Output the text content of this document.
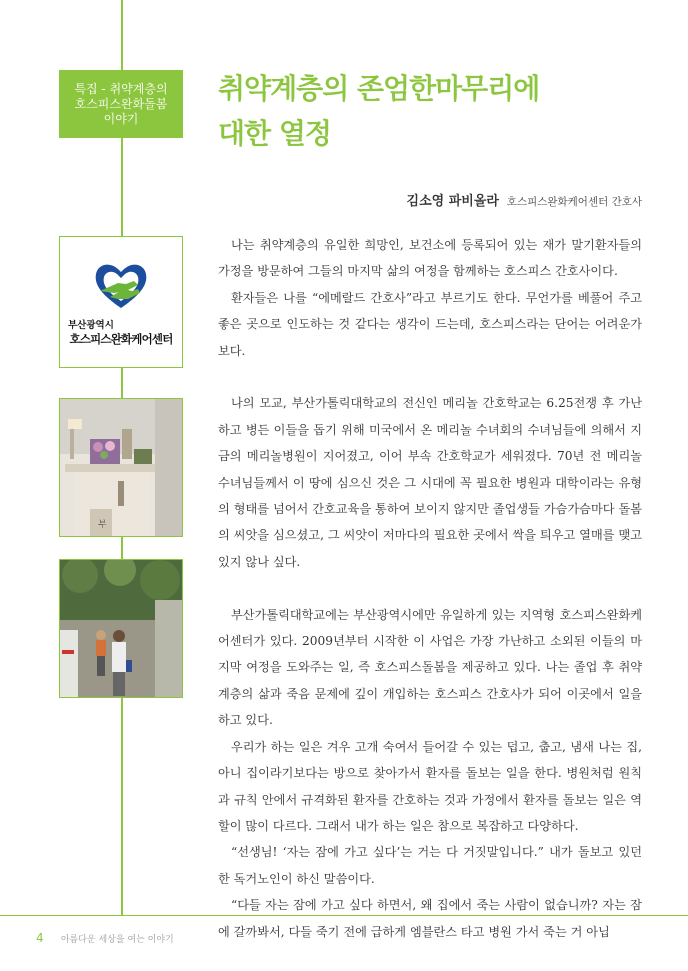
특집 - 취약계층의
호스피스완화돌봄
이야기
취약계층의 존엄한마무리에
대한 열정
김소영 파비올라 호스피스완화케어센터 간호사
부산광역시
호스피스완화케어센터
부

나는 취약계층의 유일한 희망인, 보건소에 등록되어 있는 재가 말기환자들의 가정을 방문하여 그들의 마지막 삶의 여정을 함께하는 호스피스 간호사이다.

환자들은 나를 “에메랄드 간호사”라고 부르기도 한다. 무언가를 베풀어 주고 좋은 곳으로 인도하는 것 같다는 생각이 드는데, 호스피스라는 단어는 어려운가 보다.

나의 모교, 부산가톨릭대학교의 전신인 메리놀 간호학교는 6.25전쟁 후 가난하고 병든 이들을 돕기 위해 미국에서 온 메리놀 수녀회의 수녀님들에 의해서 지금의 메리놀병원이 지어졌고, 이어 부속 간호학교가 세워졌다. 70년 전 메리놀 수녀님들께서 이 땅에 심으신 것은 그 시대에 꼭 필요한 병원과 대학이라는 유형의 형태를 넘어서 간호교육을 통하여 보이지 않지만 졸업생들 가슴가슴마다 돌봄의 씨앗을 심으셨고, 그 씨앗이 저마다의 필요한 곳에서 싹을 틔우고 열매를 맺고 있지 않나 싶다.

부산가톨릭대학교에는 부산광역시에만 유일하게 있는 지역형 호스피스완화케어센터가 있다. 2009년부터 시작한 이 사업은 가장 가난하고 소외된 이들의 마지막 여정을 도와주는 일, 즉 호스피스돌봄을 제공하고 있다. 나는 졸업 후 취약계층의 삶과 죽음 문제에 깊이 개입하는 호스피스 간호사가 되어 이곳에서 일을 하고 있다.

우리가 하는 일은 겨우 고개 숙여서 들어갈 수 있는 덥고, 춥고, 냄새 나는 집, 아니 집이라기보다는 방으로 찾아가서 환자를 돌보는 일을 한다. 병원처럼 원칙과 규칙 안에서 규격화된 환자를 간호하는 것과 가정에서 환자를 돌보는 일은 역할이 많이 다르다. 그래서 내가 하는 일은 참으로 복잡하고 다양하다.

“선생님! ‘자는 잠에 가고 싶다’는 거는 다 거짓말입니다.” 내가 돌보고 있던 한 독거노인이 하신 말씀이다.

“다들 자는 잠에 가고 싶다 하면서, 왜 집에서 죽는 사람이 없습니까? 자는 잠에 갈까봐서, 다들 죽기 전에 급하게 엠블란스 타고 병원 가서 죽는 거 아닙

4 아름다운 세상을 여는 이야기
